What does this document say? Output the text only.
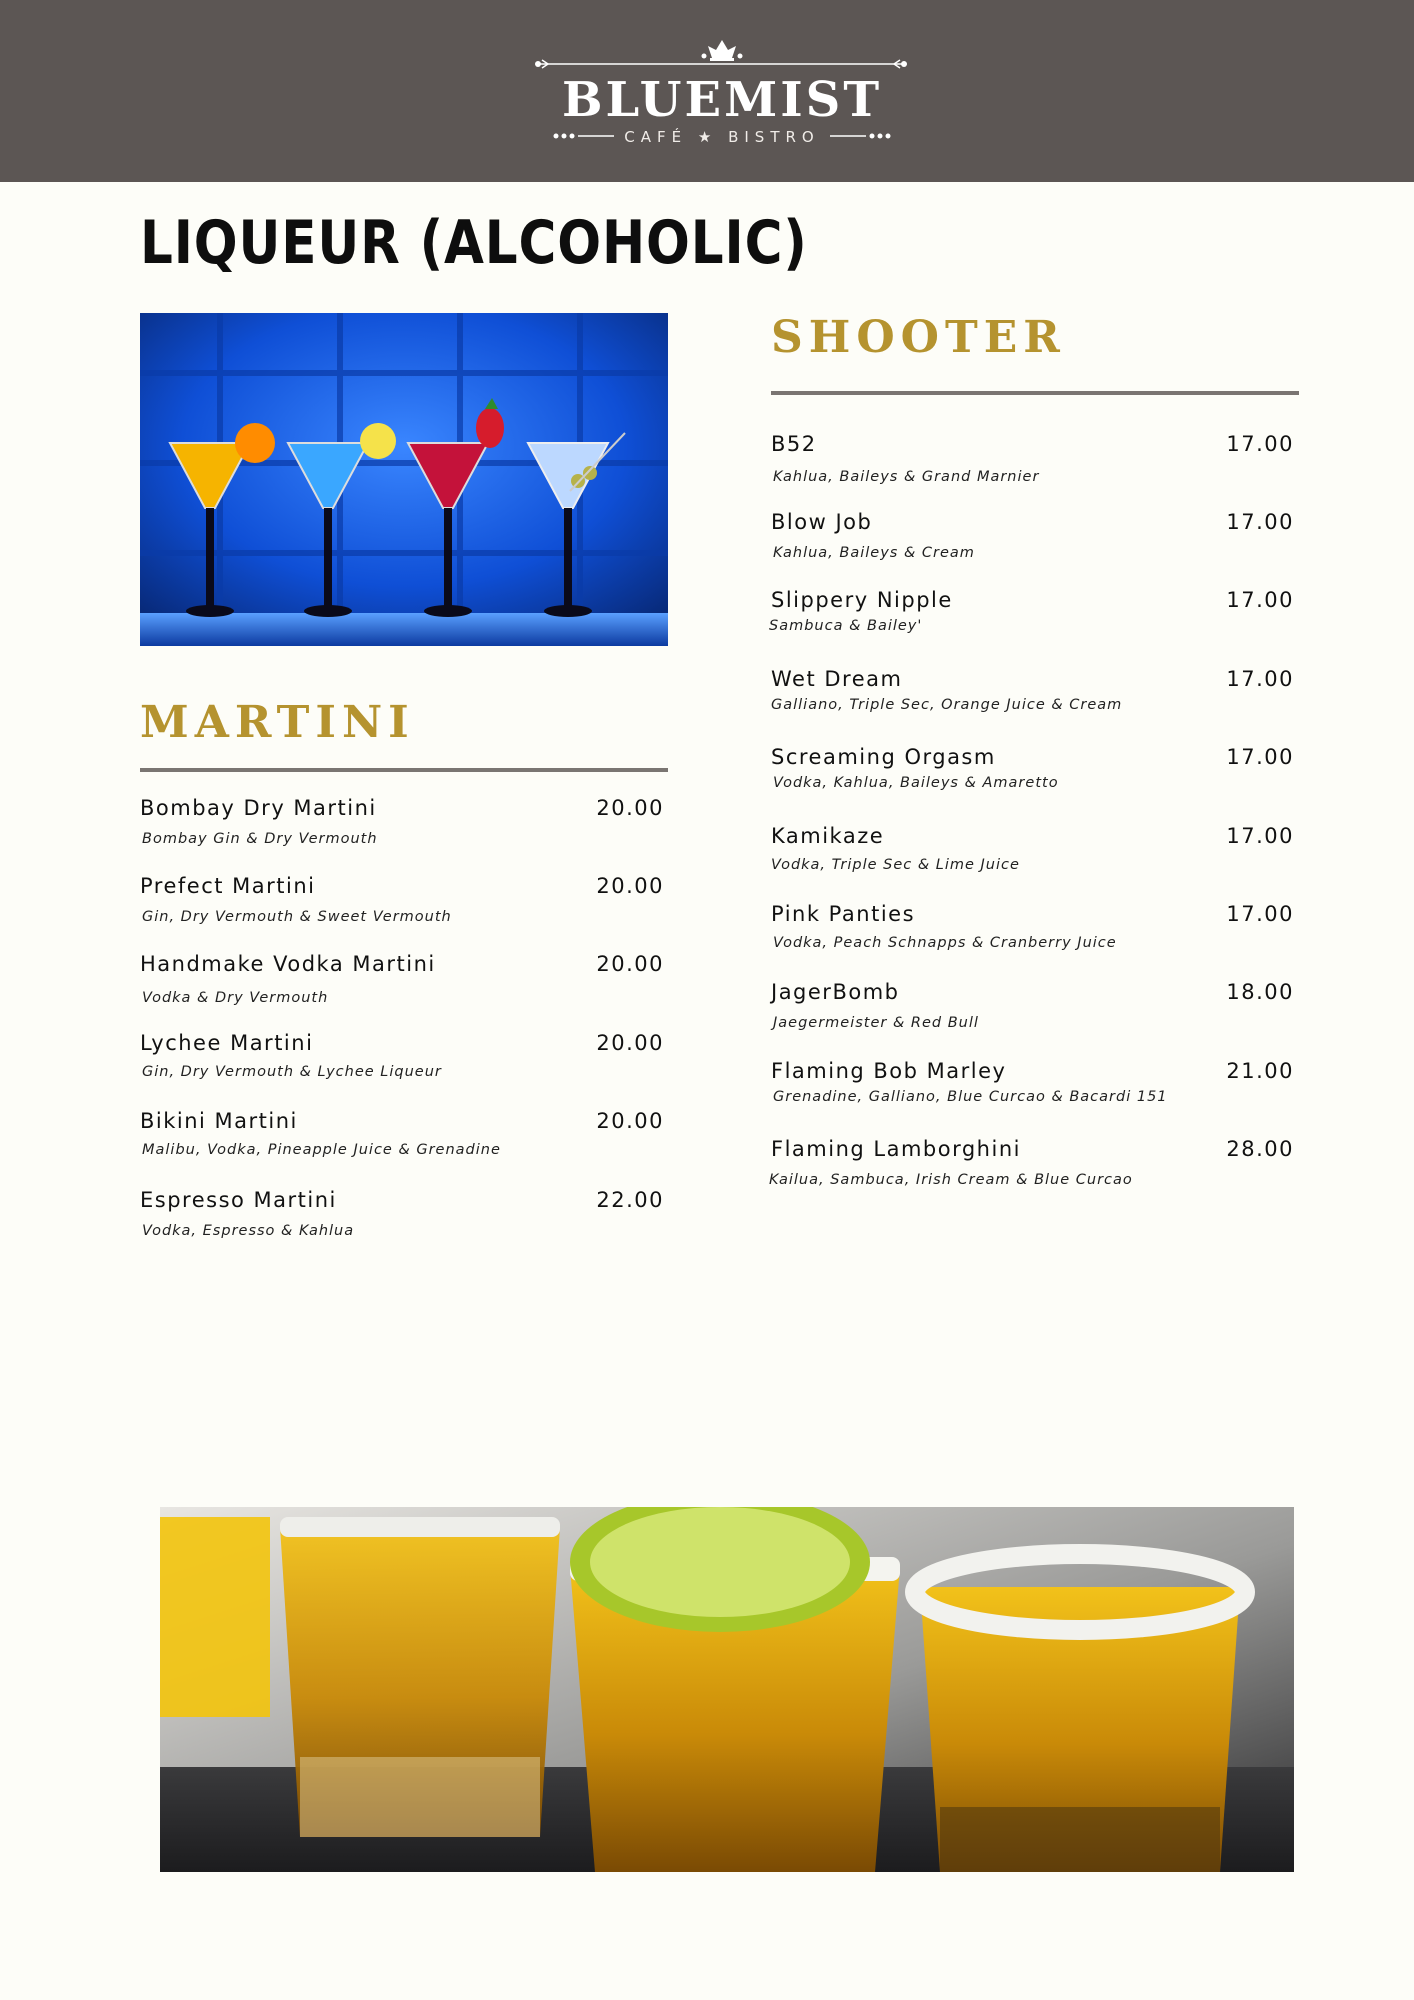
BLUEMIST
CAFÉ ★ BISTRO
LIQUEUR (ALCOHOLIC)
MARTINI
Bombay Dry Martini	20.00
Bombay Gin & Dry Vermouth
Prefect Martini	20.00
Gin, Dry Vermouth & Sweet Vermouth
Handmake Vodka Martini	20.00
Vodka & Dry Vermouth
Lychee Martini	20.00
Gin, Dry Vermouth & Lychee Liqueur
Bikini Martini	20.00
Malibu, Vodka, Pineapple Juice & Grenadine
Espresso Martini	22.00
Vodka, Espresso & Kahlua
SHOOTER
B52	17.00
Kahlua, Baileys & Grand Marnier
Blow Job	17.00
Kahlua, Baileys & Cream
Slippery Nipple	17.00
Sambuca & Bailey'
Wet Dream	17.00
Galliano, Triple Sec, Orange Juice & Cream
Screaming Orgasm	17.00
Vodka, Kahlua, Baileys & Amaretto
Kamikaze	17.00
Vodka, Triple Sec & Lime Juice
Pink Panties	17.00
Vodka, Peach Schnapps & Cranberry Juice
JagerBomb	18.00
Jaegermeister & Red Bull
Flaming Bob Marley	21.00
Grenadine, Galliano, Blue Curcao & Bacardi 151
Flaming Lamborghini	28.00
Kailua, Sambuca, Irish Cream & Blue Curcao
